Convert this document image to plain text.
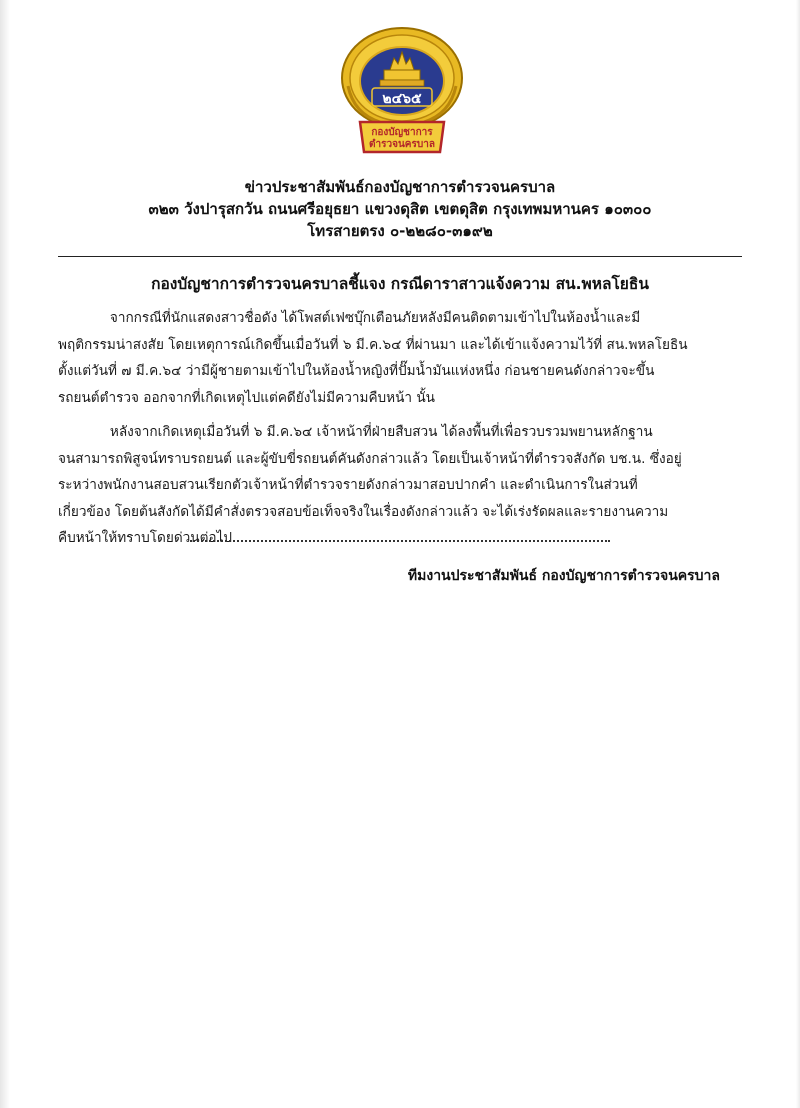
๒๔๖๕
กองบัญชาการ
ตำรวจนครบาล
ข่าวประชาสัมพันธ์กองบัญชาการตำรวจนครบาล
๓๒๓ วังปารุสกวัน ถนนศรีอยุธยา แขวงดุสิต เขตดุสิต กรุงเทพมหานคร ๑๐๓๐๐
โทรสายตรง ๐-๒๒๘๐-๓๑๙๒
กองบัญชาการตำรวจนครบาลชี้แจง กรณีดาราสาวแจ้งความ สน.พหลโยธิน
จากกรณีที่นักแสดงสาวชื่อดัง ได้โพสต์เฟซบุ๊กเตือนภัยหลังมีคนติดตามเข้าไปในห้องน้ำและมี
พฤติกรรมน่าสงสัย โดยเหตุการณ์เกิดขึ้นเมื่อวันที่ ๖ มี.ค.๖๔ ที่ผ่านมา และได้เข้าแจ้งความไว้ที่ สน.พหลโยธิน
ตั้งแต่วันที่ ๗ มี.ค.๖๔ ว่ามีผู้ชายตามเข้าไปในห้องน้ำหญิงที่ปั๊มน้ำมันแห่งหนึ่ง ก่อนชายคนดังกล่าวจะขึ้น
รถยนต์ตำรวจ ออกจากที่เกิดเหตุไปแต่คดียังไม่มีความคืบหน้า นั้น
หลังจากเกิดเหตุเมื่อวันที่ ๖ มี.ค.๖๔ เจ้าหน้าที่ฝ่ายสืบสวน ได้ลงพื้นที่เพื่อรวบรวมพยานหลักฐาน
จนสามารถพิสูจน์ทราบรถยนต์ และผู้ขับขี่รถยนต์คันดังกล่าวแล้ว โดยเป็นเจ้าหน้าที่ตำรวจสังกัด บช.น. ซึ่งอยู่
ระหว่างพนักงานสอบสวนเรียกตัวเจ้าหน้าที่ตำรวจรายดังกล่าวมาสอบปากคำ และดำเนินการในส่วนที่
เกี่ยวข้อง โดยต้นสังกัดได้มีคำสั่งตรวจสอบข้อเท็จจริงในเรื่องดังกล่าวแล้ว จะได้เร่งรัดผลและรายงานความ
คืบหน้าให้ทราบโดยด่วนต่อไป
ทีมงานประชาสัมพันธ์ กองบัญชาการตำรวจนครบาล
